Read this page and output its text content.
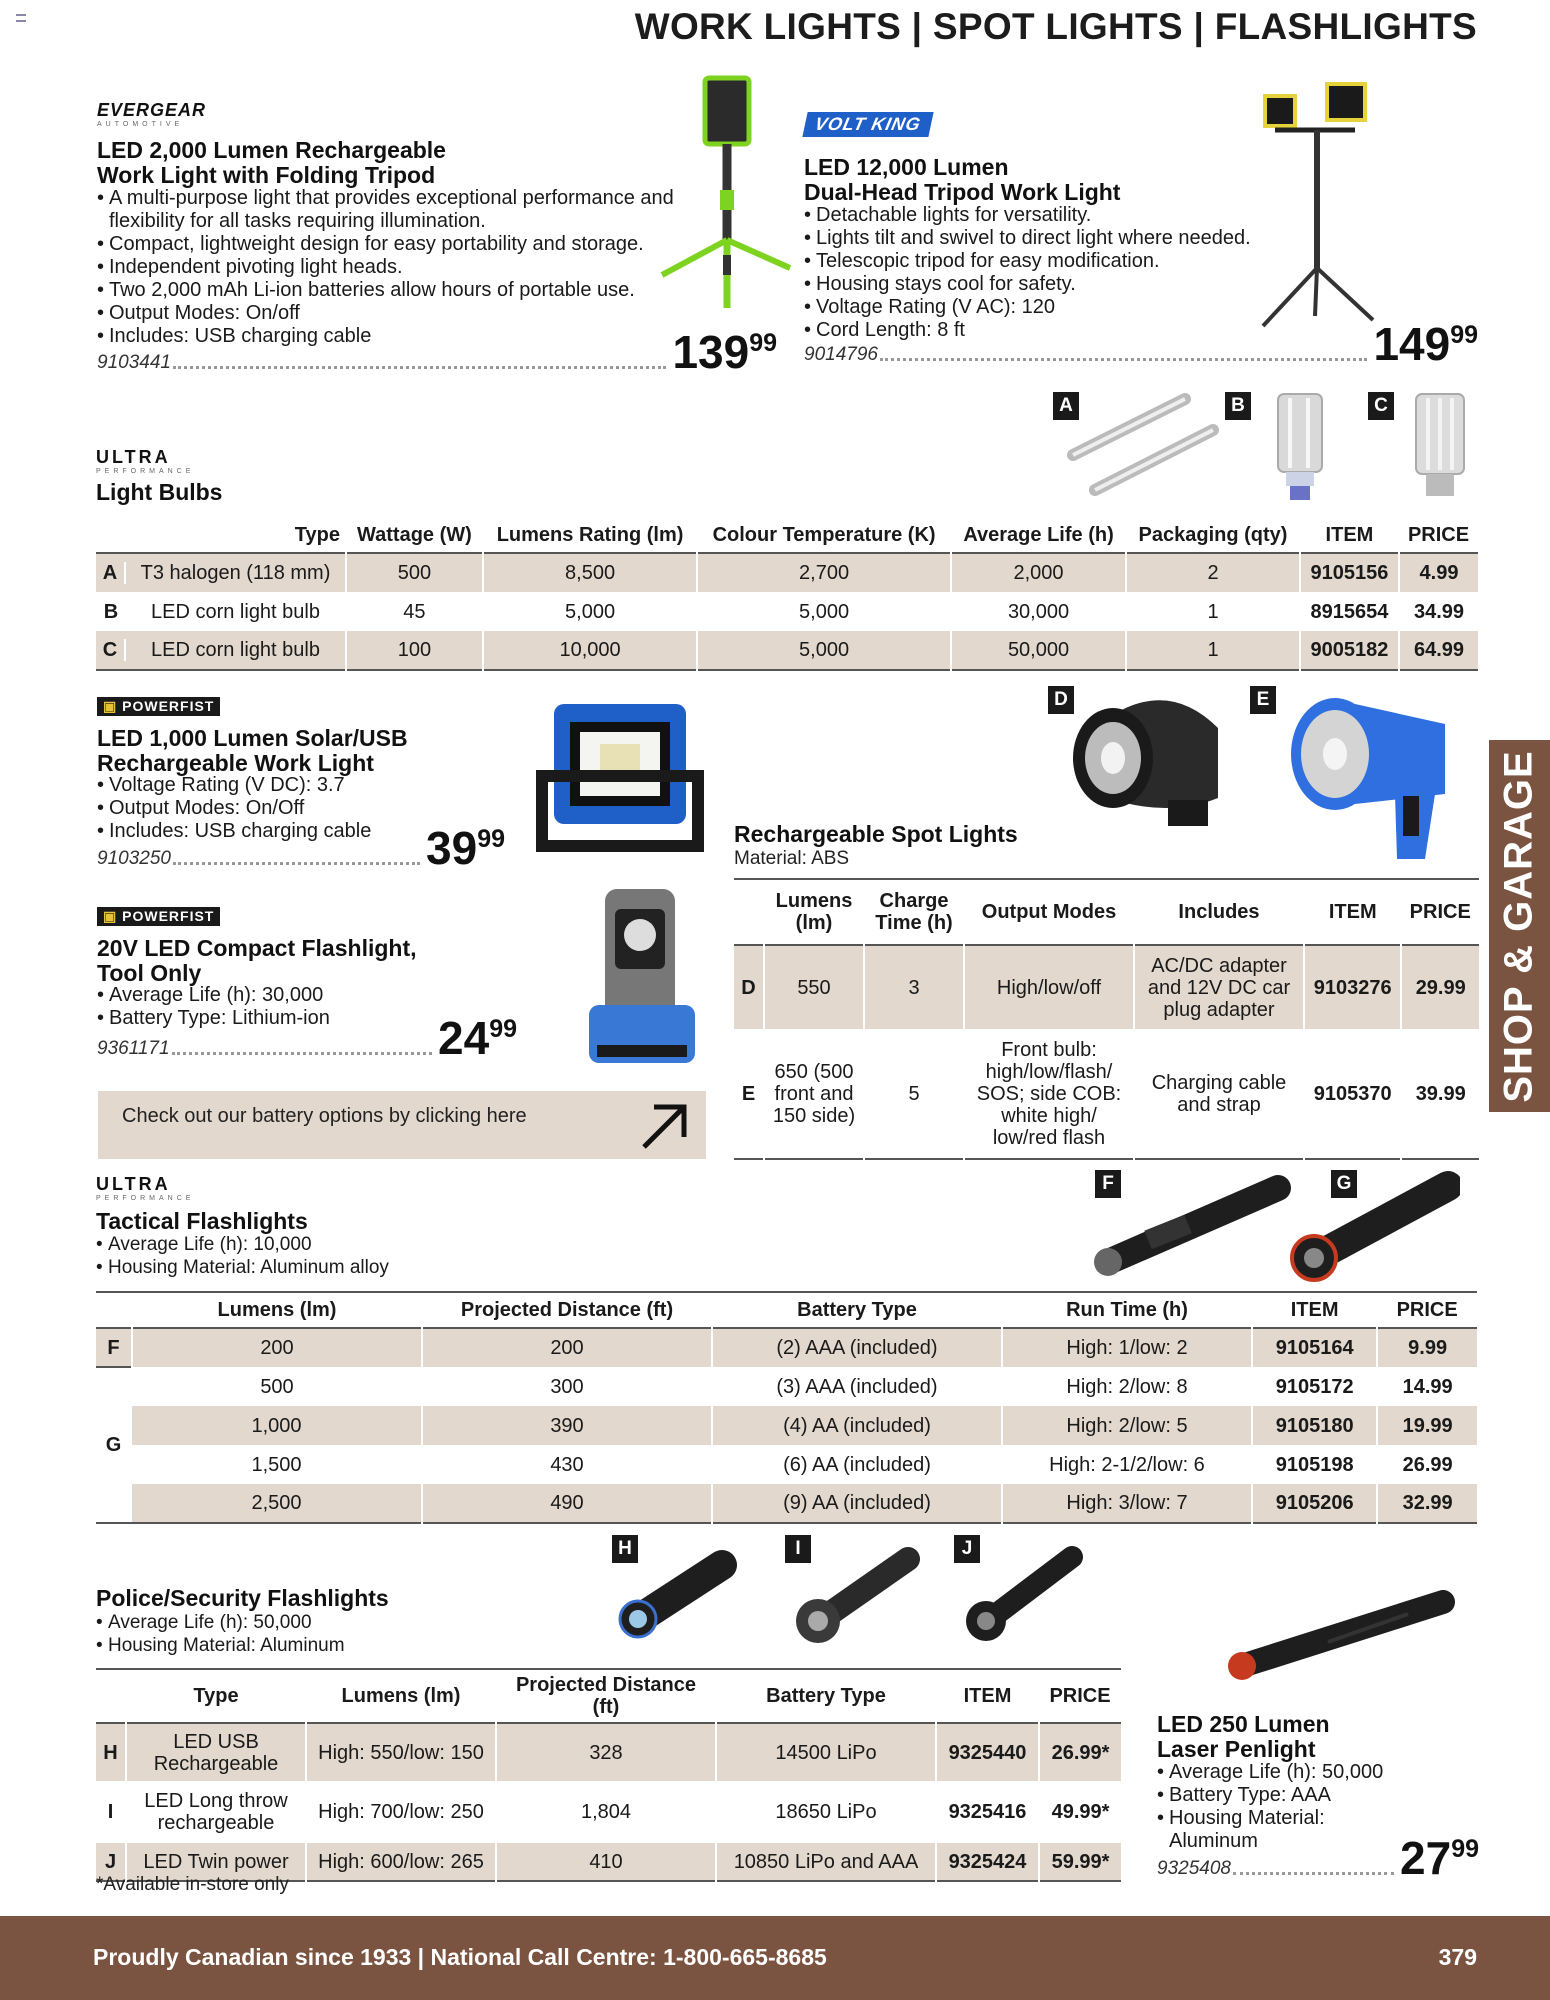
WORK LIGHTS | SPOT LIGHTS | FLASHLIGHTS
EVERGEAR
AUTOMOTIVE
LED 2,000 Lumen Rechargeable
Work Light with Folding Tripod
• A multi-purpose light that provides exceptional performance and flexibility for all tasks requiring illumination.
• Compact, lightweight design for easy portability and storage.
• Independent pivoting light heads.
• Two 2,000 mAh Li-ion batteries allow hours of portable use.
• Output Modes: On/off
• Includes: USB charging cable
9103441	$139^{99}$
VOLT KING
LED 12,000 Lumen
Dual-Head Tripod Work Light
• Detachable lights for versatility.
• Lights tilt and swivel to direct light where needed.
• Telescopic tripod for easy modification.
• Housing stays cool for safety.
• Voltage Rating (V AC): 120
• Cord Length: 8 ft
9014796	$149^{99}$
ULTRA
PERFORMANCE
Light Bulbs
A	B	C
Type	Wattage (W)	Lumens Rating (lm)	Colour Temperature (K)	Average Life (h)	Packaging (qty)	ITEM	PRICE

A T3 halogen (118 mm)	500	8,500	2,700	2,000	2	9105156	4.99

B LED corn light bulb	45	5,000	5,000	30,000	1	8915654	34.99

C LED corn light bulb	100	10,000	5,000	50,000	1	9005182	64.99
▣ POWERFIST
LED 1,000 Lumen Solar/USB
Rechargeable Work Light
• Voltage Rating (V DC): 3.7
• Output Modes: On/Off
• Includes: USB charging cable
9103250	$39^{99}$
▣ POWERFIST
20V LED Compact Flashlight,
Tool Only
• Average Life (h): 30,000
• Battery Type: Lithium-ion
9361171	$24^{99}$
Check out our battery options by clicking here
D	E
Rechargeable Spot Lights
Material: ABS
	Lumens (lm)	Charge Time (h)	Output Modes	Includes	ITEM	PRICE
D	550	3	High/low/off	AC/DC adapter and 12V DC car plug adapter	9103276	29.99
E	650 (500 front and 150 side)	5	Front bulb: high/low/flash/ SOS; side COB: white high/ low/red flash	Charging cable and strap	9105370	39.99
ULTRA
PERFORMANCE
Tactical Flashlights
• Average Life (h): 10,000
• Housing Material: Aluminum alloy
F	G
	Lumens (lm)	Projected Distance (ft)	Battery Type	Run Time (h)	ITEM	PRICE
F	200	200	(2) AAA (included)	High: 1/low: 2	9105164	9.99
G	500	300	(3) AAA (included)	High: 2/low: 8	9105172	14.99
	1,000	390	(4) AA (included)	High: 2/low: 5	9105180	19.99
	1,500	430	(6) AA (included)	High: 2-1/2/low: 6	9105198	26.99
	2,500	490	(9) AA (included)	High: 3/low: 7	9105206	32.99
H	I	J
Police/Security Flashlights
• Average Life (h): 50,000
• Housing Material: Aluminum
	Type	Lumens (lm)	Projected Distance (ft)	Battery Type	ITEM	PRICE
H	LED USB Rechargeable	High: 550/low: 150	328	14500 LiPo	9325440	26.99*
I	LED Long throw rechargeable	High: 700/low: 250	1,804	18650 LiPo	9325416	49.99*
J	LED Twin power	High: 600/low: 265	410	10850 LiPo and AAA	9325424	59.99*
*Available in-store only
LED 250 Lumen
Laser Penlight
• Average Life (h): 50,000
• Battery Type: AAA
• Housing Material: Aluminum
9325408	$27^{99}$
SHOP & GARAGE
Proudly Canadian since 1933 | National Call Centre: 1-800-665-8685	379
